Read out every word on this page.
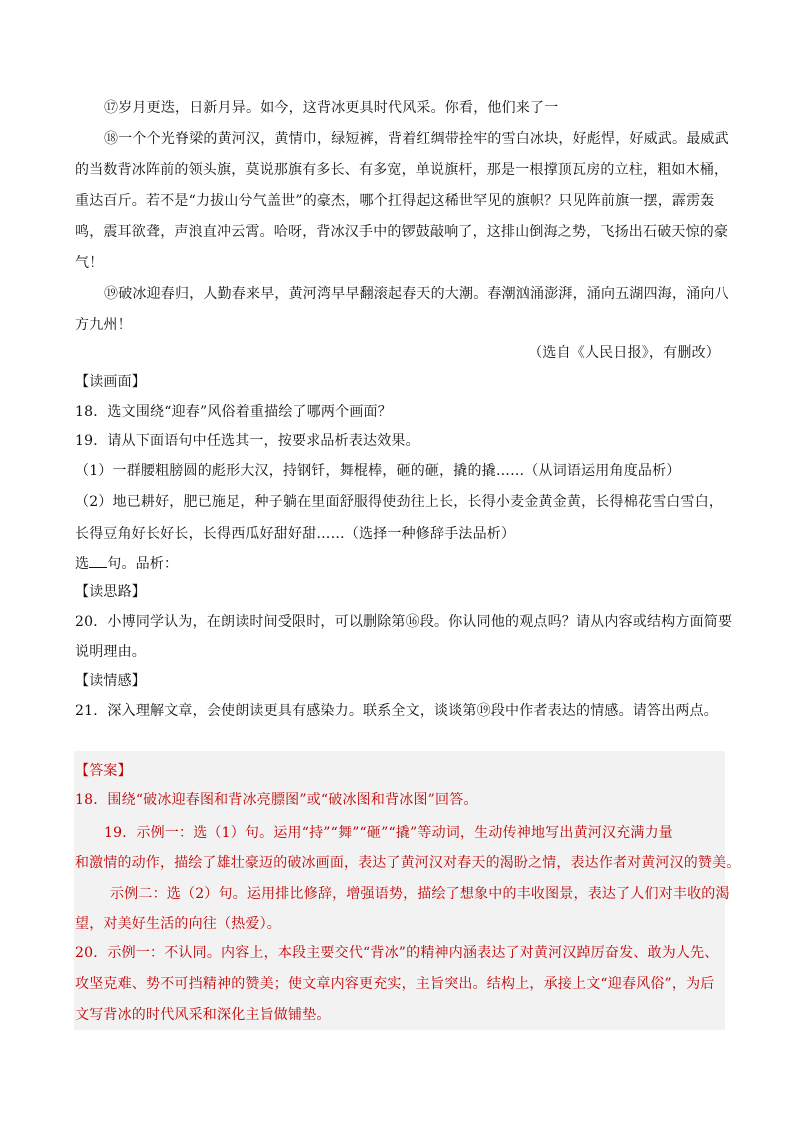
⑰岁月更迭，日新月异。如今，这背冰更具时代风采。你看，他们来了一
⑱一个个光脊梁的黄河汉，黄情巾，绿短裤，背着红绸带拴牢的雪白冰块，好彪悍，好威武。最威武
的当数背冰阵前的领头旗，莫说那旗有多长、有多宽，单说旗杆，那是一根撑顶瓦房的立柱，粗如木桶，
重达百斤。若不是“力拔山兮气盖世”的豪杰，哪个扛得起这稀世罕见的旗帜？只见阵前旗一摆，霹雳轰
鸣，震耳欲聋，声浪直冲云霄。哈呀，背冰汉手中的锣鼓敲响了，这排山倒海之势，飞扬出石破天惊的豪
气！
⑲破冰迎春归，人勤春来早，黄河湾早早翻滚起春天的大潮。春潮汹涌澎湃，涌向五湖四海，涌向八
方九州！
（选自《人民日报》，有删改）
【读画面】
18．选文围绕“迎春”风俗着重描绘了哪两个画面？
19．请从下面语句中任选其一，按要求品析表达效果。
（1）一群腰粗膀圆的彪形大汉，持钢钎，舞棍棒，砸的砸，撬的撬……（从词语运用角度品析）
（2）地已耕好，肥已施足，种子躺在里面舒服得使劲往上长，长得小麦金黄金黄，长得棉花雪白雪白，
长得豆角好长好长，长得西瓜好甜好甜……（选择一种修辞手法品析）
选 句。品析：
【读思路】
20．小博同学认为，在朗读时间受限时，可以删除第⑯段。你认同他的观点吗？请从内容或结构方面简要
说明理由。
【读情感】
21．深入理解文章，会使朗读更具有感染力。联系全文，谈谈第⑲段中作者表达的情感。请答出两点。
【答案】
18．围绕“破冰迎春图和背冰亮膘图”或“破冰图和背冰图”回答。
19．示例一：选（1）句。运用“持”“舞”“砸”“撬”等动词，生动传神地写出黄河汉充满力量
和激情的动作，描绘了雄壮豪迈的破冰画面，表达了黄河汉对春天的渴盼之情，表达作者对黄河汉的赞美。
示例二：选（2）句。运用排比修辞，增强语势，描绘了想象中的丰收图景，表达了人们对丰收的渴
望，对美好生活的向往（热爱）。
20．示例一：不认同。内容上，本段主要交代“背冰”的精神内涵表达了对黄河汉踔厉奋发、敢为人先、
攻坚克难、势不可挡精神的赞美；使文章内容更充实，主旨突出。结构上，承接上文“迎春风俗”，为后
文写背冰的时代风采和深化主旨做铺垫。
